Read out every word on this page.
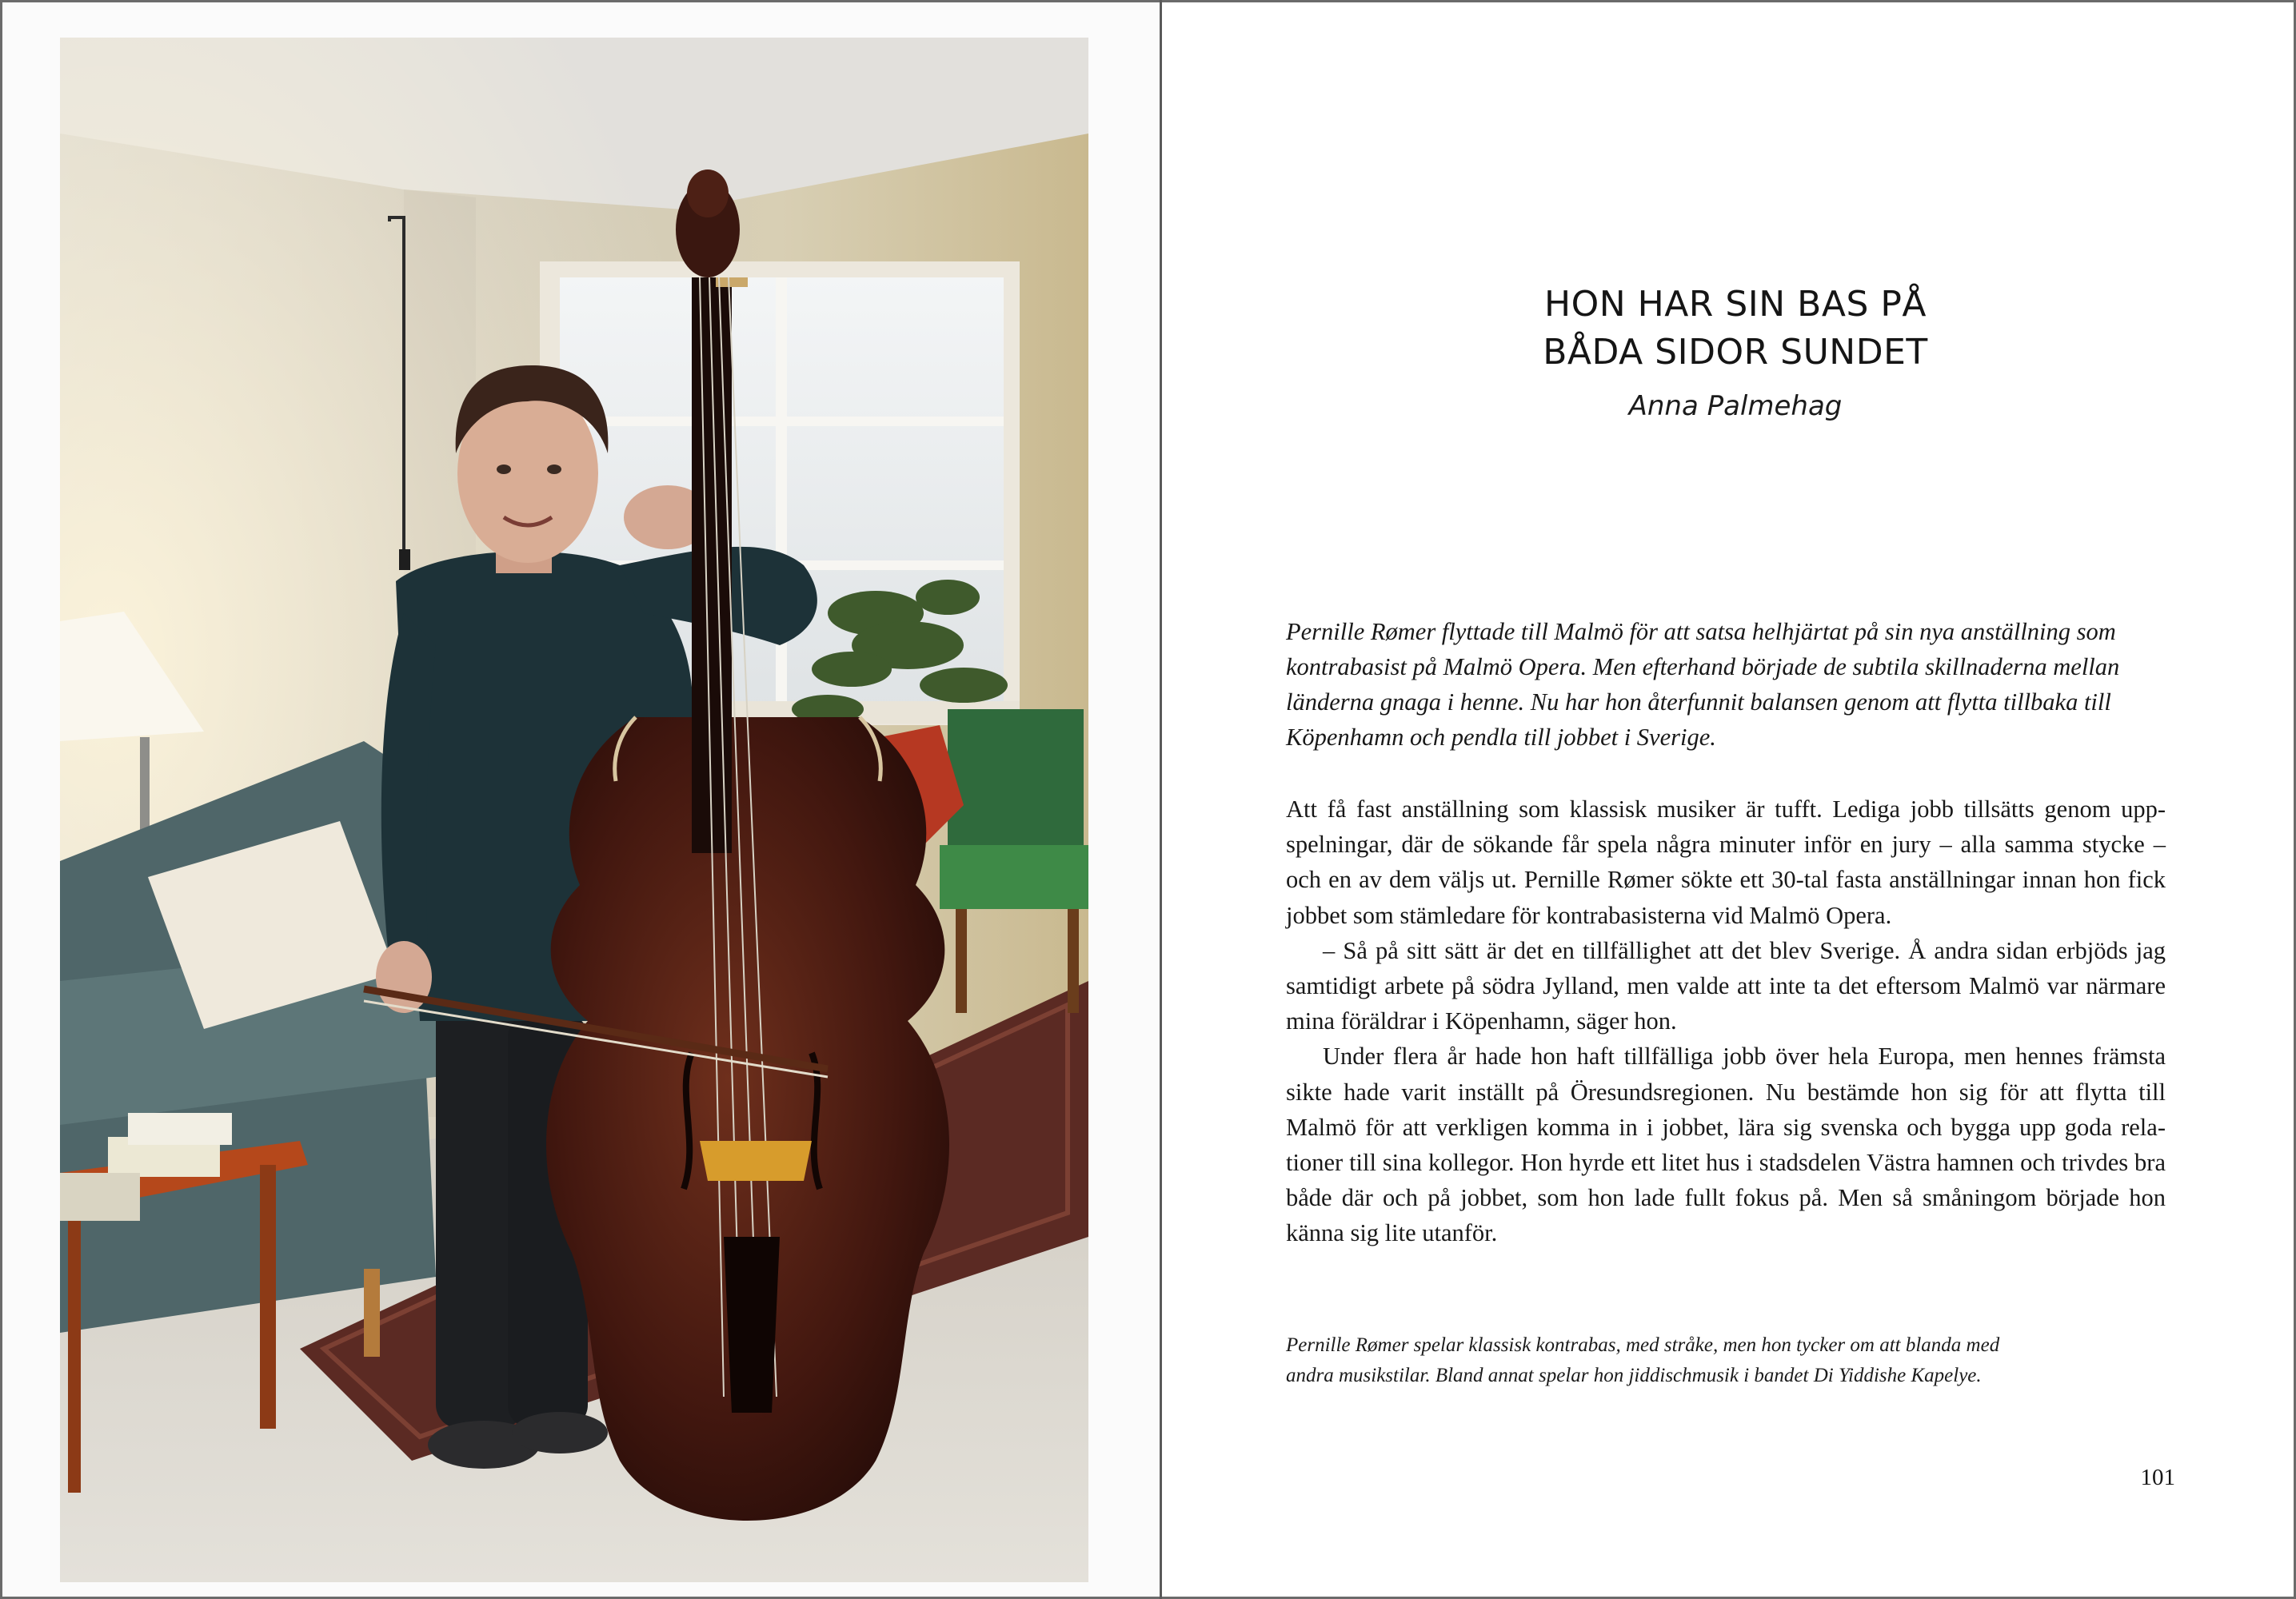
HON HAR SIN BAS PÅ
BÅDA SIDOR SUNDET
Anna Palmehag

Pernille Rømer flyttade till Malmö för att satsa helhjärtat på sin nya anställning som kontrabasist på Malmö Opera. Men efterhand började de subtila skillnaderna mellan länderna gnaga i henne. Nu har hon återfunnit balansen genom att flytta tillbaka till Köpenhamn och pendla till jobbet i Sverige.

Att få fast anställning som klassisk musiker är tufft. Lediga jobb tillsätts genom uppspelningar, där de sökande får spela några minuter inför en jury – alla samma stycke – och en av dem väljs ut. Pernille Rømer sökte ett 30-tal fasta anställningar innan hon fick jobbet som stämledare för kontrabasisterna vid Malmö Opera.

– Så på sitt sätt är det en tillfällighet att det blev Sverige. Å andra sidan erbjöds jag samtidigt arbete på södra Jylland, men valde att inte ta det eftersom Malmö var närmare mina föräldrar i Köpenhamn, säger hon.

Under flera år hade hon haft tillfälliga jobb över hela Europa, men hennes främsta sikte hade varit inställt på Öresundsregionen. Nu bestämde hon sig för att flytta till Malmö för att verkligen komma in i jobbet, lära sig svenska och bygga upp goda relationer till sina kollegor. Hon hyrde ett litet hus i stadsdelen Västra hamnen och trivdes bra både där och på jobbet, som hon lade fullt fokus på. Men så småningom började hon känna sig lite utanför.

Pernille Rømer spelar klassisk kontrabas, med stråke, men hon tycker om att blanda med andra musikstilar. Bland annat spelar hon jiddischmusik i bandet Di Yiddishe Kapelye.

101
